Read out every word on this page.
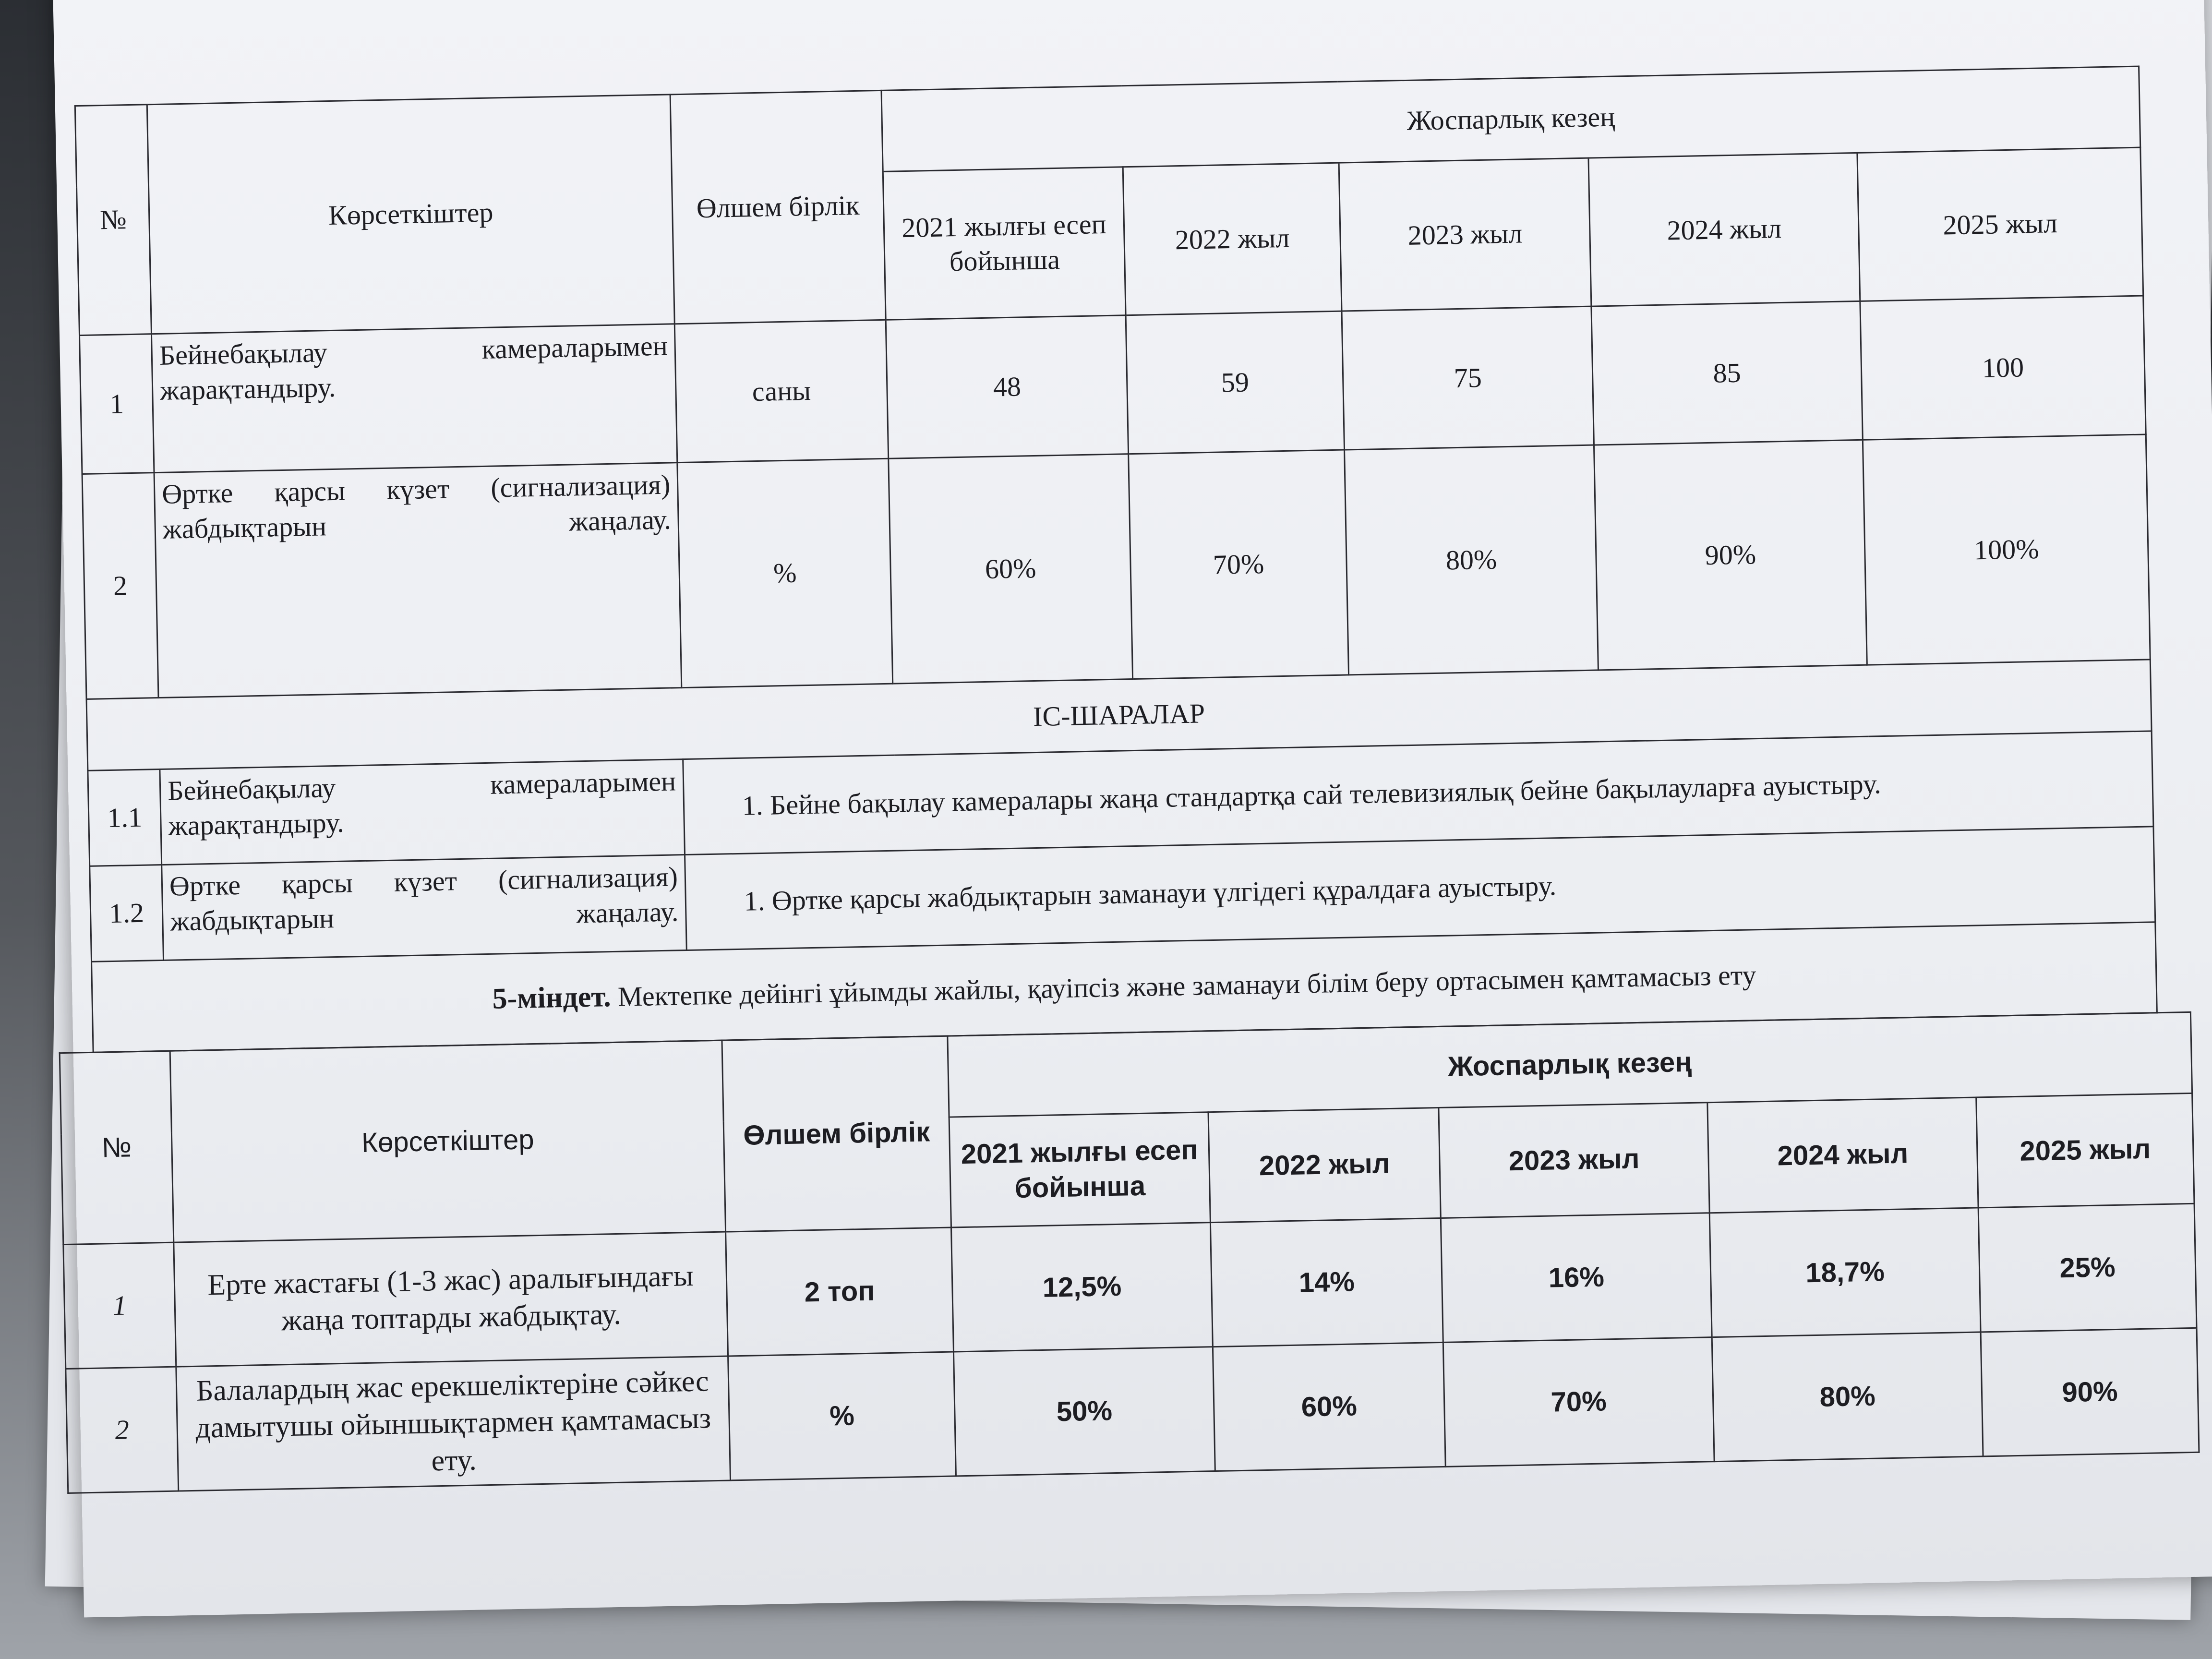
№	Көрсеткіштер	Өлшем бірлік	Жоспарлық кезең				
			2021 жылғы есеп бойынша	2022 жыл	2023 жыл	2024 жыл	2025 жыл
1	Бейнебақылау камераларымен жарақтандыру.	саны	48	59	75	85	100
2	Өртке қарсы күзет (сигнализация) жабдықтарын жаңалау.	%	60%	70%	80%	90%	100%
ІС-ШАРАЛАР							
1.1	Бейнебақылау камераларымен жарақтандыру.	1. Бейне бақылау камералары жаңа стандартқа сай телевизиялық бейне бақылауларға ауыстыру.					
1.2	Өртке қарсы күзет (сигнализация) жабдықтарын жаңалау.	1. Өртке қарсы жабдықтарын заманауи үлгідегі құралдаға ауыстыру.					
5-міндет. Мектепке дейінгі ұйымды жайлы, қауіпсіз және заманауи білім беру ортасымен қамтамасыз ету							
№	Көрсеткіштер	Өлшем бірлік	Жоспарлық кезең				
			2021 жылғы есеп бойынша	2022 жыл	2023 жыл	2024 жыл	2025 жыл
1	Ерте жастағы (1-3 жас) аралығындағы жаңа топтарды жабдықтау.	2 топ	12,5%	14%	16%	18,7%	25%
2	Балалардың жас ерекшеліктеріне сәйкес дамытушы ойыншықтармен қамтамасыз ету.	%	50%	60%	70%	80%	90%
